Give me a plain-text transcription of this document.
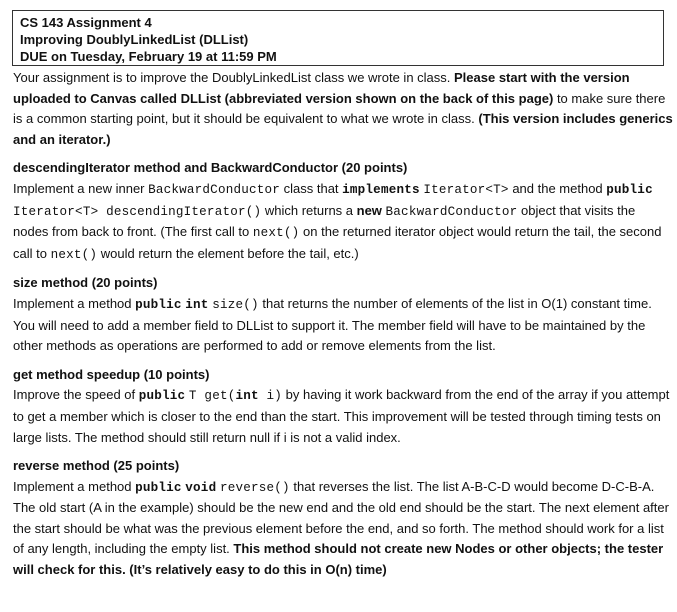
CS 143 Assignment 4
Improving DoublyLinkedList (DLList)
DUE on Tuesday, February 19 at 11:59 PM

Your assignment is to improve the DoublyLinkedList class we wrote in class. Please start with the version uploaded to Canvas called DLList (abbreviated version shown on the back of this page) to make sure there is a common starting point, but it should be equivalent to what we wrote in class. (This version includes generics and an iterator.)

descendingIterator method and BackwardConductor (20 points)

Implement a new inner BackwardConductor class that implements Iterator<T> and the method public Iterator<T> descendingIterator() which returns a new BackwardConductor object that visits the nodes from back to front. (The first call to next() on the returned iterator object would return the tail, the second call to next() would return the element before the tail, etc.)

size method (20 points)

Implement a method public int size() that returns the number of elements of the list in O(1) constant time. You will need to add a member field to DLList to support it. The member field will have to be maintained by the other methods as operations are performed to add or remove elements from the list.

get method speedup (10 points)

Improve the speed of public T get(int i) by having it work backward from the end of the array if you attempt to get a member which is closer to the end than the start. This improvement will be tested through timing tests on large lists. The method should still return null if i is not a valid index.

reverse method (25 points)

Implement a method public void reverse() that reverses the list. The list A-B-C-D would become D-C-B-A. The old start (A in the example) should be the new end and the old end should be the start. The next element after the start should be what was the previous element before the end, and so forth. The method should work for a list of any length, including the empty list. This method should not create new Nodes or other objects; the tester will check for this. (It’s relatively easy to do this in O(n) time)
